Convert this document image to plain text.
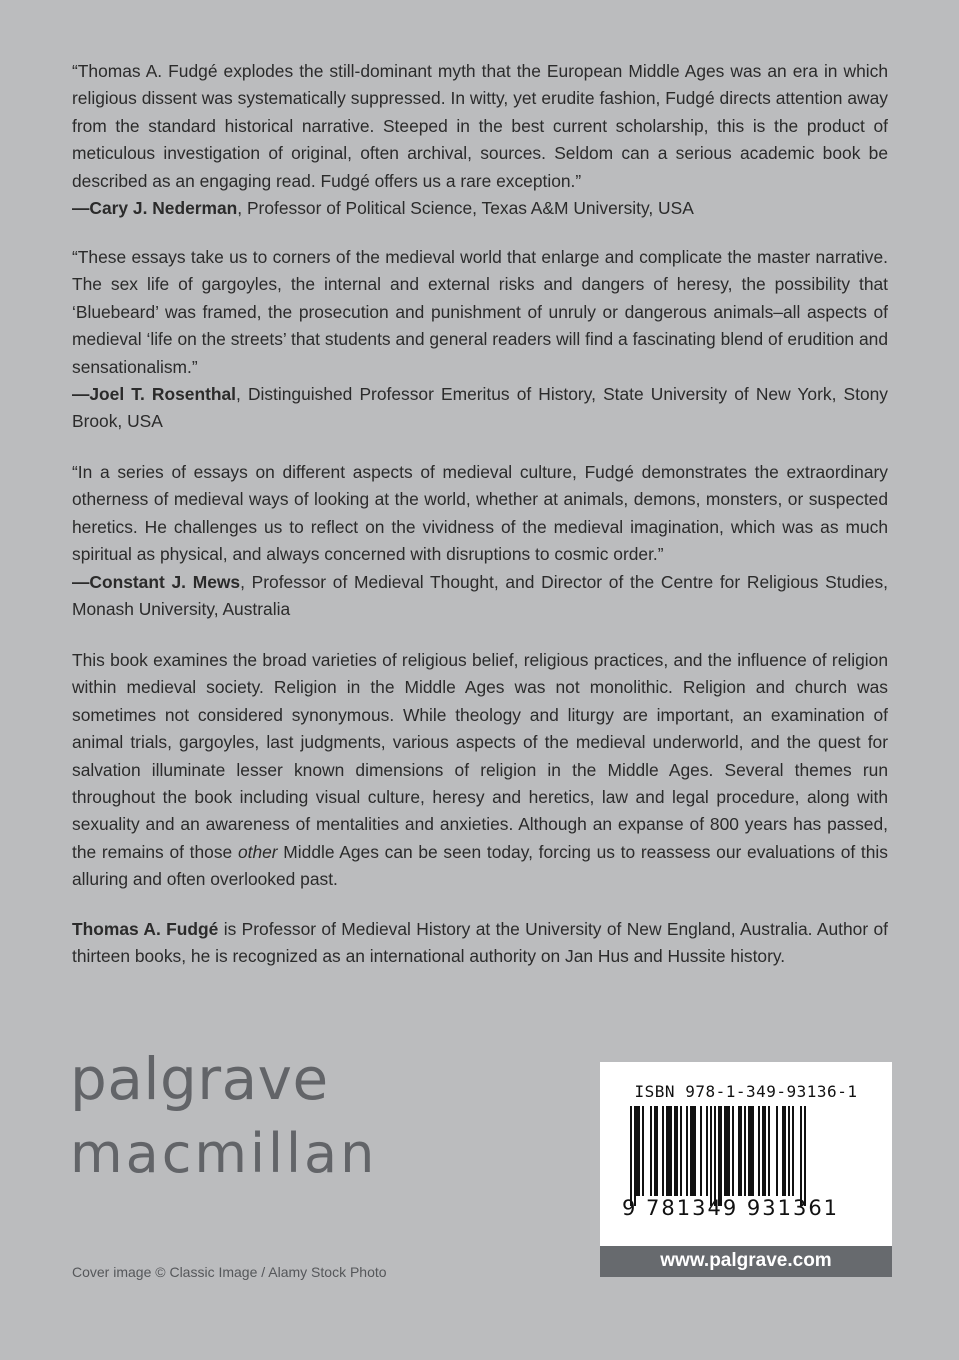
“Thomas A. Fudgé explodes the still-dominant myth that the European Middle Ages was an era in which religious dissent was systematically suppressed. In witty, yet erudite fashion, Fudgé directs attention away from the standard historical narrative. Steeped in the best current scholarship, this is the product of meticulous investigation of original, often archival, sources. Seldom can a serious academic book be described as an engaging read. Fudgé offers us a rare exception.”
—Cary J. Nederman, Professor of Political Science, Texas A&M University, USA

“These essays take us to corners of the medieval world that enlarge and complicate the master narrative. The sex life of gargoyles, the internal and external risks and dangers of heresy, the possibility that ‘Bluebeard’ was framed, the prosecution and punishment of unruly or dangerous animals–all aspects of medieval ‘life on the streets’ that students and general readers will find a fascinating blend of erudition and sensationalism.”
—Joel T. Rosenthal, Distinguished Professor Emeritus of History, State University of New York, Stony Brook, USA

“In a series of essays on different aspects of medieval culture, Fudgé demonstrates the extraordinary otherness of medieval ways of looking at the world, whether at animals, demons, monsters, or suspected heretics. He challenges us to reflect on the vividness of the medieval imagination, which was as much spiritual as physical, and always concerned with disruptions to cosmic order.”
—Constant J. Mews, Professor of Medieval Thought, and Director of the Centre for Religious Studies, Monash University, Australia

This book examines the broad varieties of religious belief, religious practices, and the influence of religion within medieval society. Religion in the Middle Ages was not monolithic. Religion and church was sometimes not considered synonymous. While theology and liturgy are important, an examination of animal trials, gargoyles, last judgments, various aspects of the medieval underworld, and the quest for salvation illuminate lesser known dimensions of religion in the Middle Ages. Several themes run throughout the book including visual culture, heresy and heretics, law and legal procedure, along with sexuality and an awareness of mentalities and anxieties. Although an expanse of 800 years has passed, the remains of those other Middle Ages can be seen today, forcing us to reassess our evaluations of this alluring and often overlooked past.

Thomas A. Fudgé is Professor of Medieval History at the University of New England, Australia. Author of thirteen books, he is recognized as an international authority on Jan Hus and Hussite history.

palgrave
macmillan
Cover image © Classic Image / Alamy Stock Photo
ISBN 978-1-349-93136-1
9 781349 931361
www.palgrave.com
